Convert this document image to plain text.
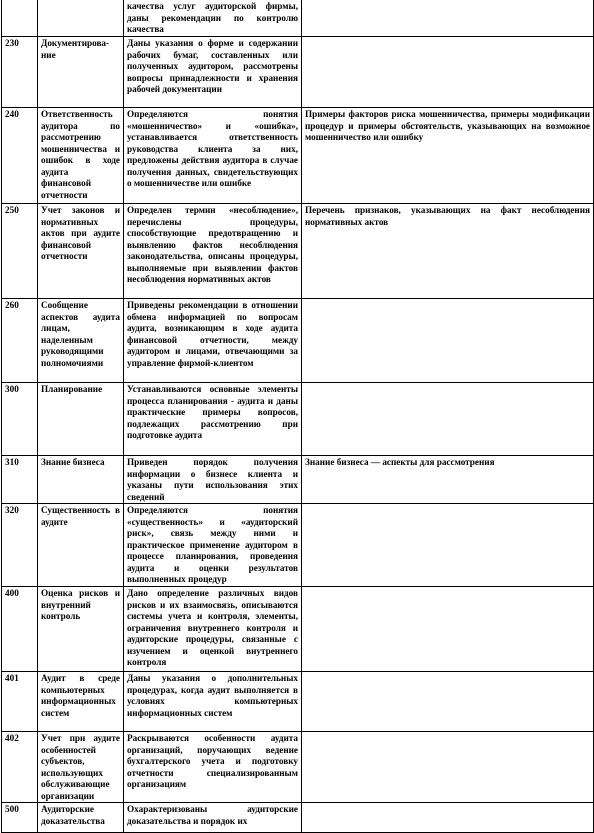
		качества услуг аудиторской фирмы, даны рекомендации по контролю качества	
230	Документирование	Даны указания о форме и содержании рабочих бумаг, составленных или полученных аудитором, рассмотрены вопросы принадлежности и хранения рабочей документации	
240	Ответственность аудитора по рассмотрению мошенничества и ошибок в ходе аудита финансовой отчетности	Определяются понятия «мошенничество» и «ошибка», устанавливается ответственность руководства клиента за них, предложены действия аудитора в случае получения данных, свидетельствующих о мошенничестве или ошибке	Примеры факторов риска мошенничества, примеры модификации процедур и примеры обстоятельств, указывающих на возможное мошенничество или ошибку
250	Учет законов и нормативных актов при аудите финансовой отчетности	Определен термин «несоблюдение», перечислены процедуры, способствующие предотвращению и выявлению фактов несоблюдения законодательства, описаны процедуры, выполняемые при выявлении фактов несоблюдения нормативных актов	Перечень признаков, указывающих на факт несоблюдения нормативных актов
260	Сообщение аспектов аудита лицам, наделенным руководящими полномочиями	Приведены рекомендации в отношении обмена информацией по вопросам аудита, возникающим в ходе аудита финансовой отчетности, между аудитором и лицами, отвечающими за управление фирмой-клиентом	
300	Планирование	Устанавливаются основные элементы процесса планирования - аудита и даны практические примеры вопросов, подлежащих рассмотрению при подготовке аудита	
310	Знание бизнеса	Приведен порядок получения информации о бизнесе клиента и указаны пути использования этих сведений	Знание бизнеса — аспекты для рассмотрения
320	Существенность в аудите	Определяются понятия «существенность» и «аудиторский риск», связь между ними и практическое применение аудитором в процессе планирования, проведения аудита и оценки результатов выполненных процедур	
400	Оценка рисков и внутренний контроль	Дано определение различных видов рисков и их взаимосвязь, описываются системы учета и контроля, элементы, ограничения внутреннего контроля и аудиторские процедуры, связанные с изучением и оценкой внутреннего контроля	
401	Аудит в среде компьютерных информационных систем	Даны указания о дополнительных процедурах, когда аудит выполняется в условиях компьютерных информационных систем	
402	Учет при аудите особенностей субъектов, использующих обслуживающие организации	Раскрываются особенности аудита организаций, поручающих ведение бухгалтерского учета и подготовку отчетности специализированным организациям	
500	Аудиторские доказательства	Охарактеризованы аудиторские доказательства и порядок их	
